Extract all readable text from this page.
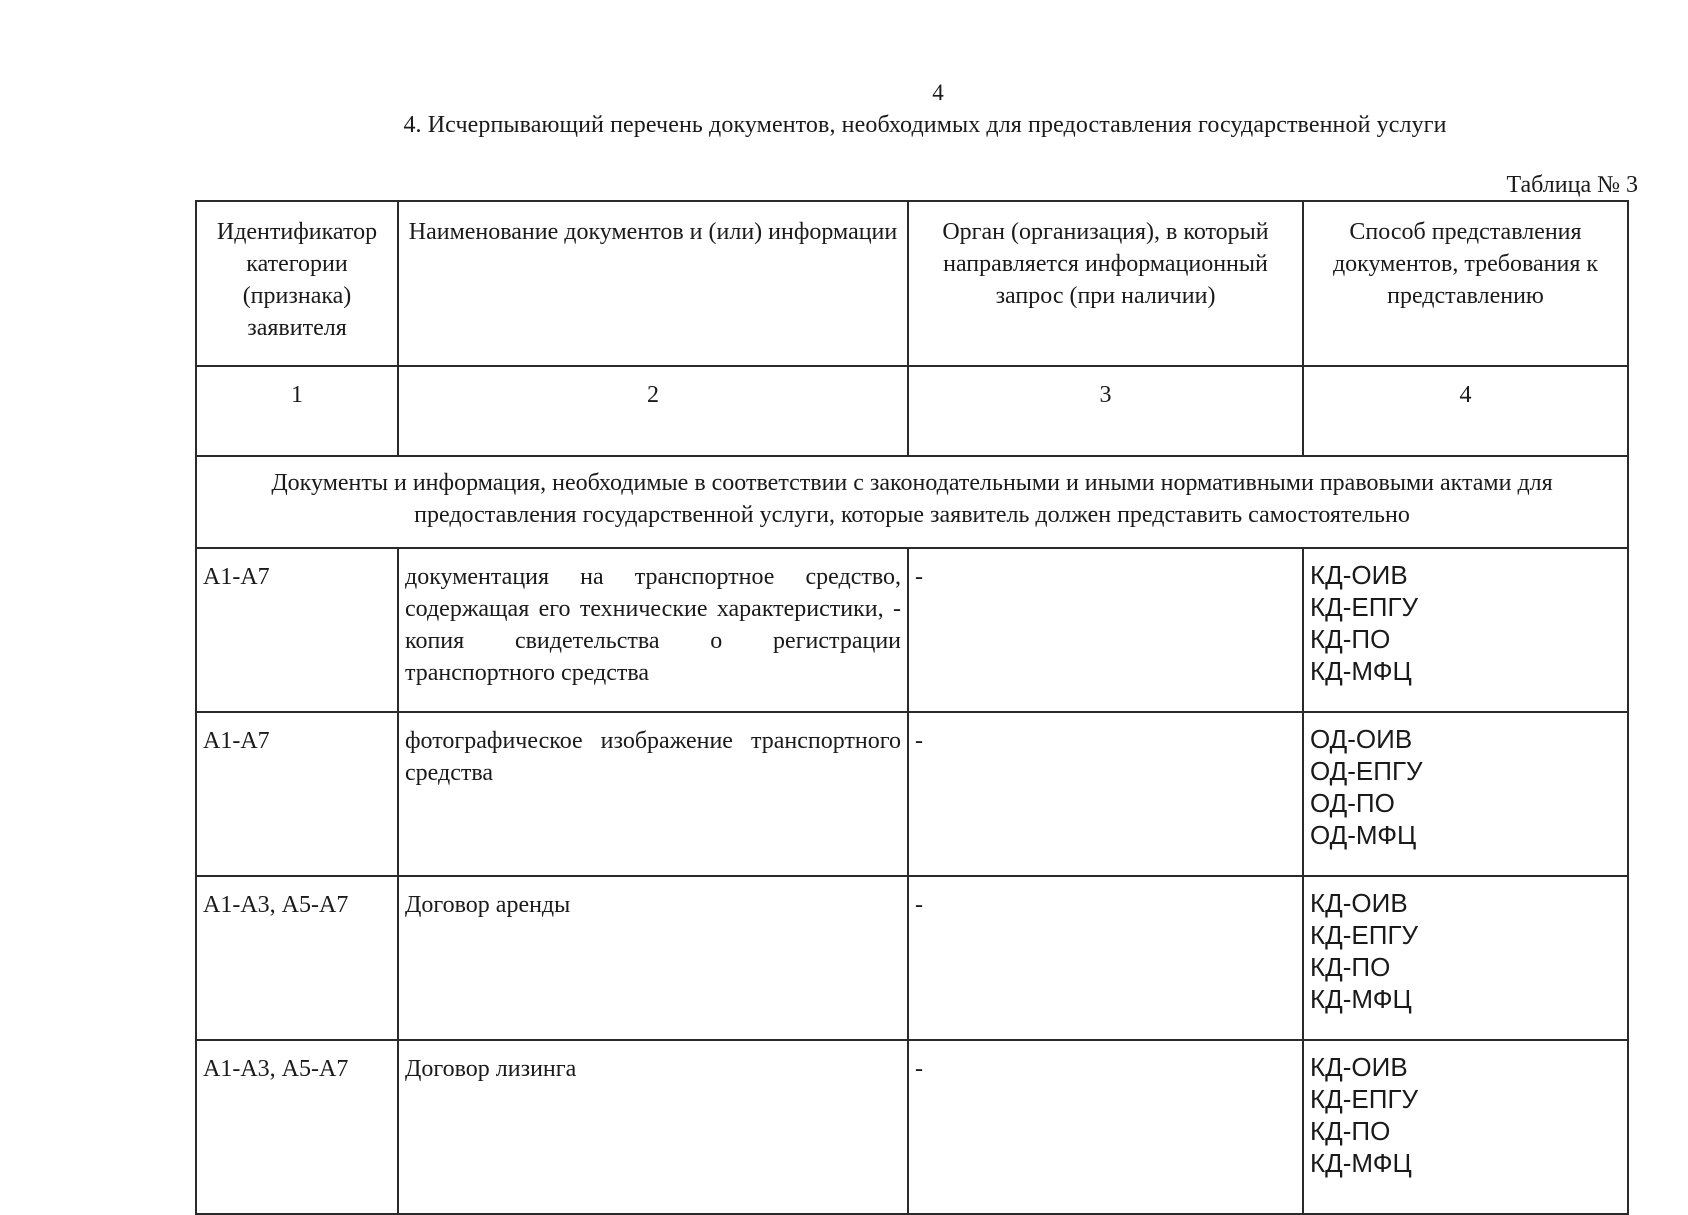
4
4. Исчерпывающий перечень документов, необходимых для предоставления государственной услуги
Таблица № 3
Идентификатор категории (признака) заявителя	Наименование документов и (или) информации	Орган (организация), в который направляется информационный запрос (при наличии)	Способ представления документов, требования к представлению
1	2	3	4
Документы и информация, необходимые в соответствии с законодательными и иными нормативными правовыми актами для предоставления государственной услуги, которые заявитель должен представить самостоятельно			
А1-А7	документация на транспортное средство, содержащая его технические характеристики, - копия свидетельства о регистрации транспортного средства	-	КД-ОИВ
КД-ЕПГУ
КД-ПО
КД-МФЦ

А1-А7	фотографическое изображение транспортного средства	-	ОД-ОИВ
ОД-ЕПГУ
ОД-ПО
ОД-МФЦ

А1-А3, А5-А7	Договор аренды	-	КД-ОИВ
КД-ЕПГУ
КД-ПО
КД-МФЦ

А1-А3, А5-А7	Договор лизинга	-	КД-ОИВ
КД-ЕПГУ
КД-ПО
КД-МФЦ
